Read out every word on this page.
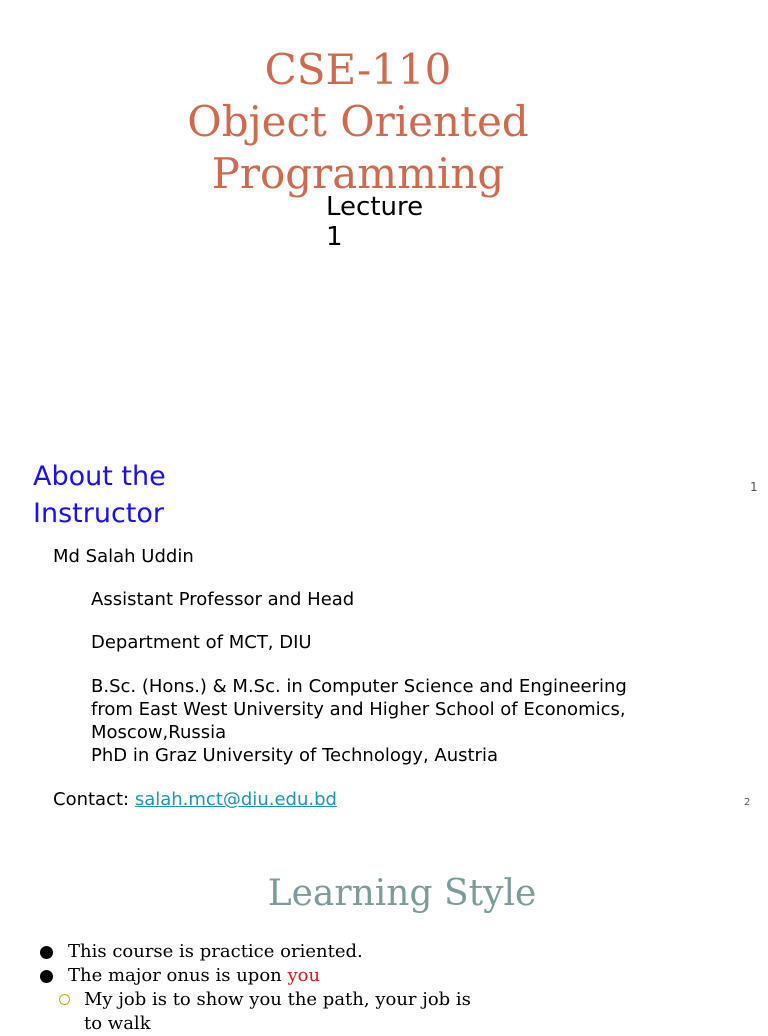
CSE-110
Object Oriented
Programming
Lecture
1
1
About the
Instructor
Md Salah Uddin
Assistant Professor and Head
Department of MCT, DIU
B.Sc. (Hons.) & M.Sc. in Computer Science and Engineering
from East West University and Higher School of Economics,
Moscow,Russia
PhD in Graz University of Technology, Austria
Contact: salah.mct@diu.edu.bd	2
Learning Style
This course is practice oriented.
The major onus is upon you
My job is to show you the path, your job is
to walk
